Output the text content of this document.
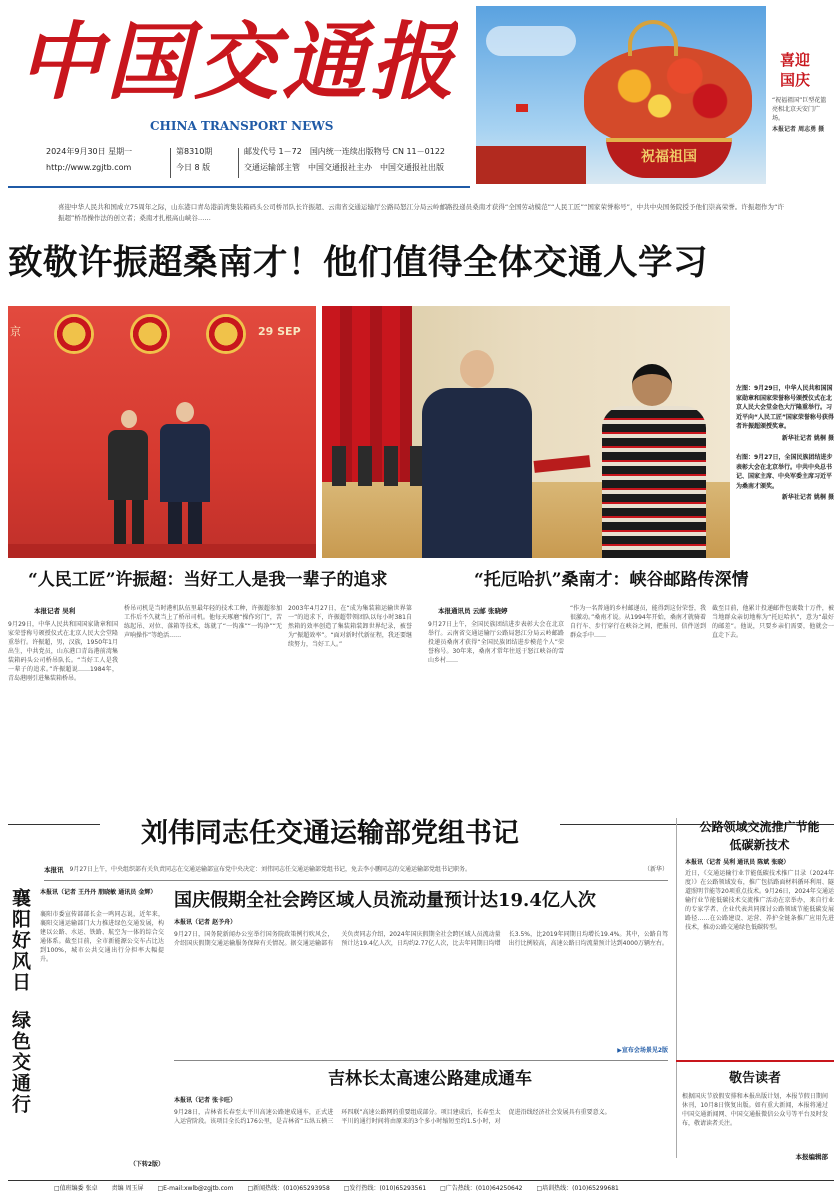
中国交通报
CHINA TRANSPORT NEWS
2024年9月30日 星期一
http://www.zgjtb.com
第8310期
今日 8 版
邮发代号 1－72 国内统一连续出版物号 CN 11－0122
交通运输部主管 中国交通报社主办 中国交通报社出版
祝福祖国
喜迎国庆
“祝福祖国”巨型花篮亮相北京天安门广场。
本报记者 周志勇 摄
喜迎中华人民共和国成立75周年之际，山东港口青岛港前湾集装箱码头公司桥吊队长许振超、云南省交通运输厅公路局怒江分局云岭邮路投递员桑南才获得“全国劳动模范”“人民工匠”“国家荣誉称号”，中共中央国务院授予他们崇高荣誉。许振超作为“许振超”桥吊操作法的创立者；桑南才扎根高山峡谷……
致敬许振超桑南才！他们值得全体交通人学习
京	29 SEP
左图：9月29日，中华人民共和国国家勋章和国家荣誉称号颁授仪式在北京人民大会堂金色大厅隆重举行。习近平向“人民工匠”国家荣誉称号获得者许振超颁授奖章。
新华社记者 姚桐 摄
右图：9月27日，全国民族团结进步表彰大会在北京举行。中共中央总书记、国家主席、中央军委主席习近平为桑南才颁奖。
新华社记者 姚桐 摄
“人民工匠”许振超：当好工人是我一辈子的追求
本报记者 吴利
9月29日，中华人民共和国国家勋章和国家荣誉称号颁授仪式在北京人民大会堂隆重举行。许振超，男，汉族，1950年1月出生，中共党员，山东港口青岛港前湾集装箱码头公司桥吊队长。“当好工人是我一辈子的追求。”许振超说……1984年，青岛港刚引进集装箱桥吊。
桥吊司机是当时港机队伍里最年轻的技术工种，许振超参加工作后不久就当上了桥吊司机。他每天琢磨“操作窍门”，苦练起吊、对位、落箱等技术，练就了“一钩准”“一钩净”“无声响操作”等绝活……
2003年4月27日，在“成为集装箱运输世界第一”的追求下，许振超带领团队以每小时381自然箱的效率创造了集装箱装卸世界纪录，被誉为“振超效率”。“面对新时代新征程，我还要继续努力，当好工人。”
“托厄哈扒”桑南才：峡谷邮路传深情
本报通讯员 云邮 张晓婷
9月27日上午，全国民族团结进步表彰大会在北京举行。云南省交通运输厅公路局怒江分局云岭邮路投递员桑南才获得“全国民族团结进步模范个人”荣誉称号。30年来，桑南才常年往返于怒江峡谷的雪山乡村……
“作为一名普通的乡村邮递员，能得到这份荣誉，我很激动。”桑南才说。从1994年开始，桑南才就骑着自行车、步行穿行在峡谷之间，把报刊、信件送到群众手中……
截至目前，他累计投递邮件包裹数十万件，被当地群众亲切地称为“托厄哈扒”，意为“最好的邮差”。他说，只要乡亲们需要，他就会一直走下去。
刘伟同志任交通运输部党组书记
本报讯 9月27日上午，中央组织部有关负责同志在交通运输部宣布党中央决定：刘伟同志任交通运输部党组书记，免去李小鹏同志的交通运输部党组书记职务。	（新华）
公路领域交流推广节能低碳新技术
本报讯（记者 吴利 通讯员 陈斌 张晓）
近日，《交通运输行业节能低碳技术推广目录（2024年度）》在公路领域发布，推广包括路面材料循环利用、隧道照明节能等20项重点技术。9月26日，2024年交通运输行业节能低碳技术交流推广活动在京举办，来自行业的专家学者、企业代表共同探讨公路领域节能低碳发展路径……在公路建设、运营、养护全链条推广应用先进技术，推动公路交通绿色低碳转型。
敬告读者
根据国庆节放假安排和本报出版计划，本报节假日期间休刊，10月8日恢复出版。如有重大新闻，本报将通过中国交通新闻网、中国交通报微信公众号等平台及时发布，敬请读者关注。
本报编辑部
襄阳好风日
绿色交通行
本报讯（记者 王丹丹 朋晓敏 通讯员 金辉）
襄阳市委宣传部部长金一鸣同志说，近年来，襄阳交通运输部门大力推进绿色交通发展，构建以公路、水运、铁路、航空为一体的综合交通体系。截至目前，全市新能源公交车占比达到100%，城市公共交通出行分担率大幅提升。
（下转2版）
国庆假期全社会跨区域人员流动量预计达19.4亿人次
本报讯（记者 赵予舟）
9月27日，国务院新闻办公室举行国务院政策例行吹风会，介绍国庆假期交通运输服务保障有关情况。据交通运输部有关负责同志介绍，2024年国庆假期全社会跨区域人员流动量预计达19.4亿人次，日均约2.77亿人次，比去年同期日均增长3.5%，比2019年同期日均增长19.4%。其中，公路自驾出行比例较高，高速公路日均流量预计达到4000万辆左右。
▶宣布会场景见2版
吉林长太高速公路建成通车
本报讯（记者 张卡旺）
9月28日，吉林省长春至太平川高速公路建成通车，正式进入运营阶段。该项目全长约176公里，是吉林省“五纵五横三环四联”高速公路网的重要组成部分。项目建成后，长春至太平川的通行时间将由原来的3个多小时缩短至约1.5小时，对促进沿线经济社会发展具有重要意义。
□值班编委 张卓 责编 周玉屏 □E-mail:xwlb@zgjtb.com □新闻热线：(010)65293958 □发行热线：(010)65293561 □广告热线：(010)64250642 □培训热线：(010)65299681
